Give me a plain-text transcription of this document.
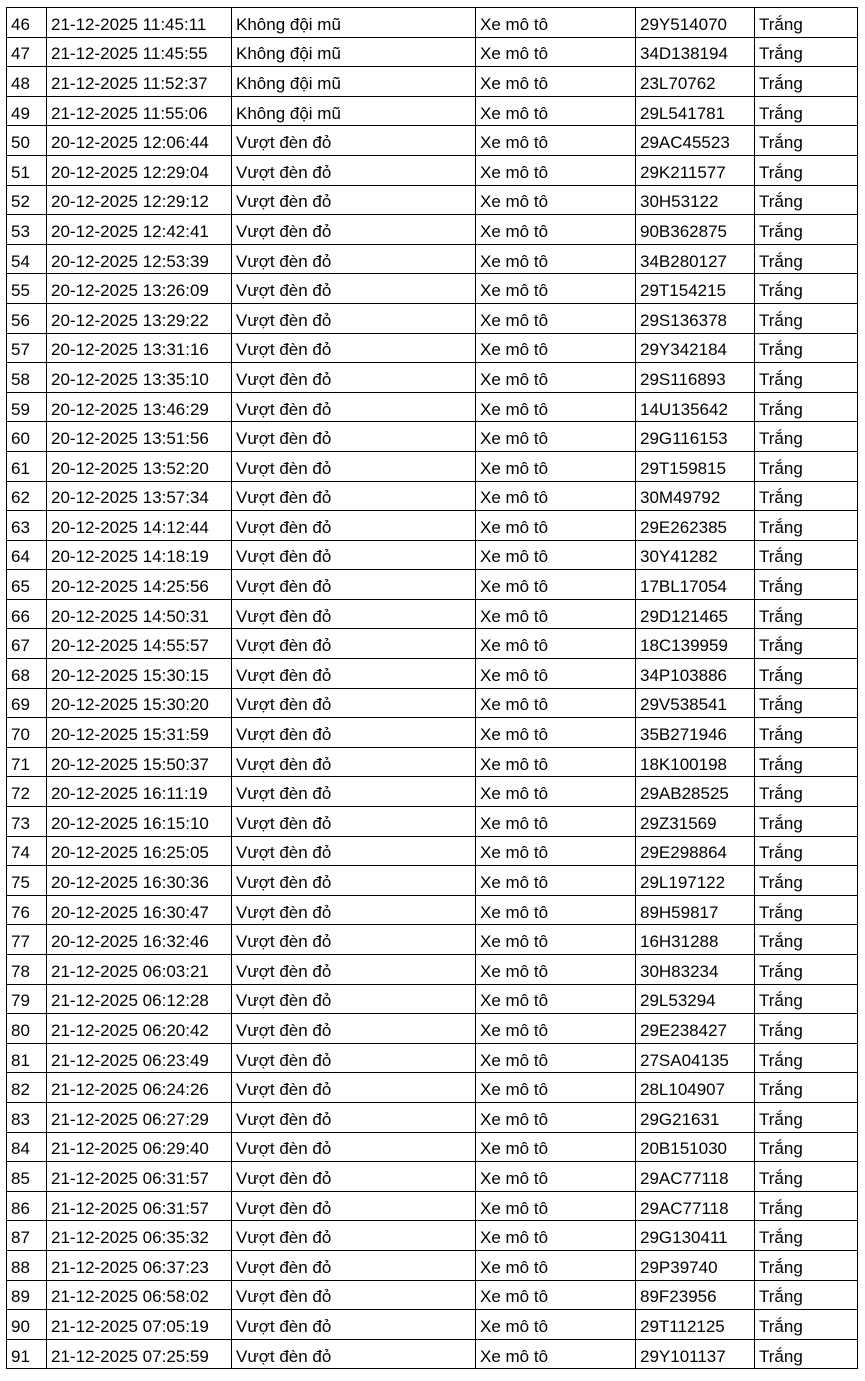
46	21-12-2025 11:45:11	Không đội mũ	Xe mô tô	29Y514070	Trắng
47	21-12-2025 11:45:55	Không đội mũ	Xe mô tô	34D138194	Trắng
48	21-12-2025 11:52:37	Không đội mũ	Xe mô tô	23L70762	Trắng
49	21-12-2025 11:55:06	Không đội mũ	Xe mô tô	29L541781	Trắng
50	20-12-2025 12:06:44	Vượt đèn đỏ	Xe mô tô	29AC45523	Trắng
51	20-12-2025 12:29:04	Vượt đèn đỏ	Xe mô tô	29K211577	Trắng
52	20-12-2025 12:29:12	Vượt đèn đỏ	Xe mô tô	30H53122	Trắng
53	20-12-2025 12:42:41	Vượt đèn đỏ	Xe mô tô	90B362875	Trắng
54	20-12-2025 12:53:39	Vượt đèn đỏ	Xe mô tô	34B280127	Trắng
55	20-12-2025 13:26:09	Vượt đèn đỏ	Xe mô tô	29T154215	Trắng
56	20-12-2025 13:29:22	Vượt đèn đỏ	Xe mô tô	29S136378	Trắng
57	20-12-2025 13:31:16	Vượt đèn đỏ	Xe mô tô	29Y342184	Trắng
58	20-12-2025 13:35:10	Vượt đèn đỏ	Xe mô tô	29S116893	Trắng
59	20-12-2025 13:46:29	Vượt đèn đỏ	Xe mô tô	14U135642	Trắng
60	20-12-2025 13:51:56	Vượt đèn đỏ	Xe mô tô	29G116153	Trắng
61	20-12-2025 13:52:20	Vượt đèn đỏ	Xe mô tô	29T159815	Trắng
62	20-12-2025 13:57:34	Vượt đèn đỏ	Xe mô tô	30M49792	Trắng
63	20-12-2025 14:12:44	Vượt đèn đỏ	Xe mô tô	29E262385	Trắng
64	20-12-2025 14:18:19	Vượt đèn đỏ	Xe mô tô	30Y41282	Trắng
65	20-12-2025 14:25:56	Vượt đèn đỏ	Xe mô tô	17BL17054	Trắng
66	20-12-2025 14:50:31	Vượt đèn đỏ	Xe mô tô	29D121465	Trắng
67	20-12-2025 14:55:57	Vượt đèn đỏ	Xe mô tô	18C139959	Trắng
68	20-12-2025 15:30:15	Vượt đèn đỏ	Xe mô tô	34P103886	Trắng
69	20-12-2025 15:30:20	Vượt đèn đỏ	Xe mô tô	29V538541	Trắng
70	20-12-2025 15:31:59	Vượt đèn đỏ	Xe mô tô	35B271946	Trắng
71	20-12-2025 15:50:37	Vượt đèn đỏ	Xe mô tô	18K100198	Trắng
72	20-12-2025 16:11:19	Vượt đèn đỏ	Xe mô tô	29AB28525	Trắng
73	20-12-2025 16:15:10	Vượt đèn đỏ	Xe mô tô	29Z31569	Trắng
74	20-12-2025 16:25:05	Vượt đèn đỏ	Xe mô tô	29E298864	Trắng
75	20-12-2025 16:30:36	Vượt đèn đỏ	Xe mô tô	29L197122	Trắng
76	20-12-2025 16:30:47	Vượt đèn đỏ	Xe mô tô	89H59817	Trắng
77	20-12-2025 16:32:46	Vượt đèn đỏ	Xe mô tô	16H31288	Trắng
78	21-12-2025 06:03:21	Vượt đèn đỏ	Xe mô tô	30H83234	Trắng
79	21-12-2025 06:12:28	Vượt đèn đỏ	Xe mô tô	29L53294	Trắng
80	21-12-2025 06:20:42	Vượt đèn đỏ	Xe mô tô	29E238427	Trắng
81	21-12-2025 06:23:49	Vượt đèn đỏ	Xe mô tô	27SA04135	Trắng
82	21-12-2025 06:24:26	Vượt đèn đỏ	Xe mô tô	28L104907	Trắng
83	21-12-2025 06:27:29	Vượt đèn đỏ	Xe mô tô	29G21631	Trắng
84	21-12-2025 06:29:40	Vượt đèn đỏ	Xe mô tô	20B151030	Trắng
85	21-12-2025 06:31:57	Vượt đèn đỏ	Xe mô tô	29AC77118	Trắng
86	21-12-2025 06:31:57	Vượt đèn đỏ	Xe mô tô	29AC77118	Trắng
87	21-12-2025 06:35:32	Vượt đèn đỏ	Xe mô tô	29G130411	Trắng
88	21-12-2025 06:37:23	Vượt đèn đỏ	Xe mô tô	29P39740	Trắng
89	21-12-2025 06:58:02	Vượt đèn đỏ	Xe mô tô	89F23956	Trắng
90	21-12-2025 07:05:19	Vượt đèn đỏ	Xe mô tô	29T112125	Trắng
91	21-12-2025 07:25:59	Vượt đèn đỏ	Xe mô tô	29Y101137	Trắng
